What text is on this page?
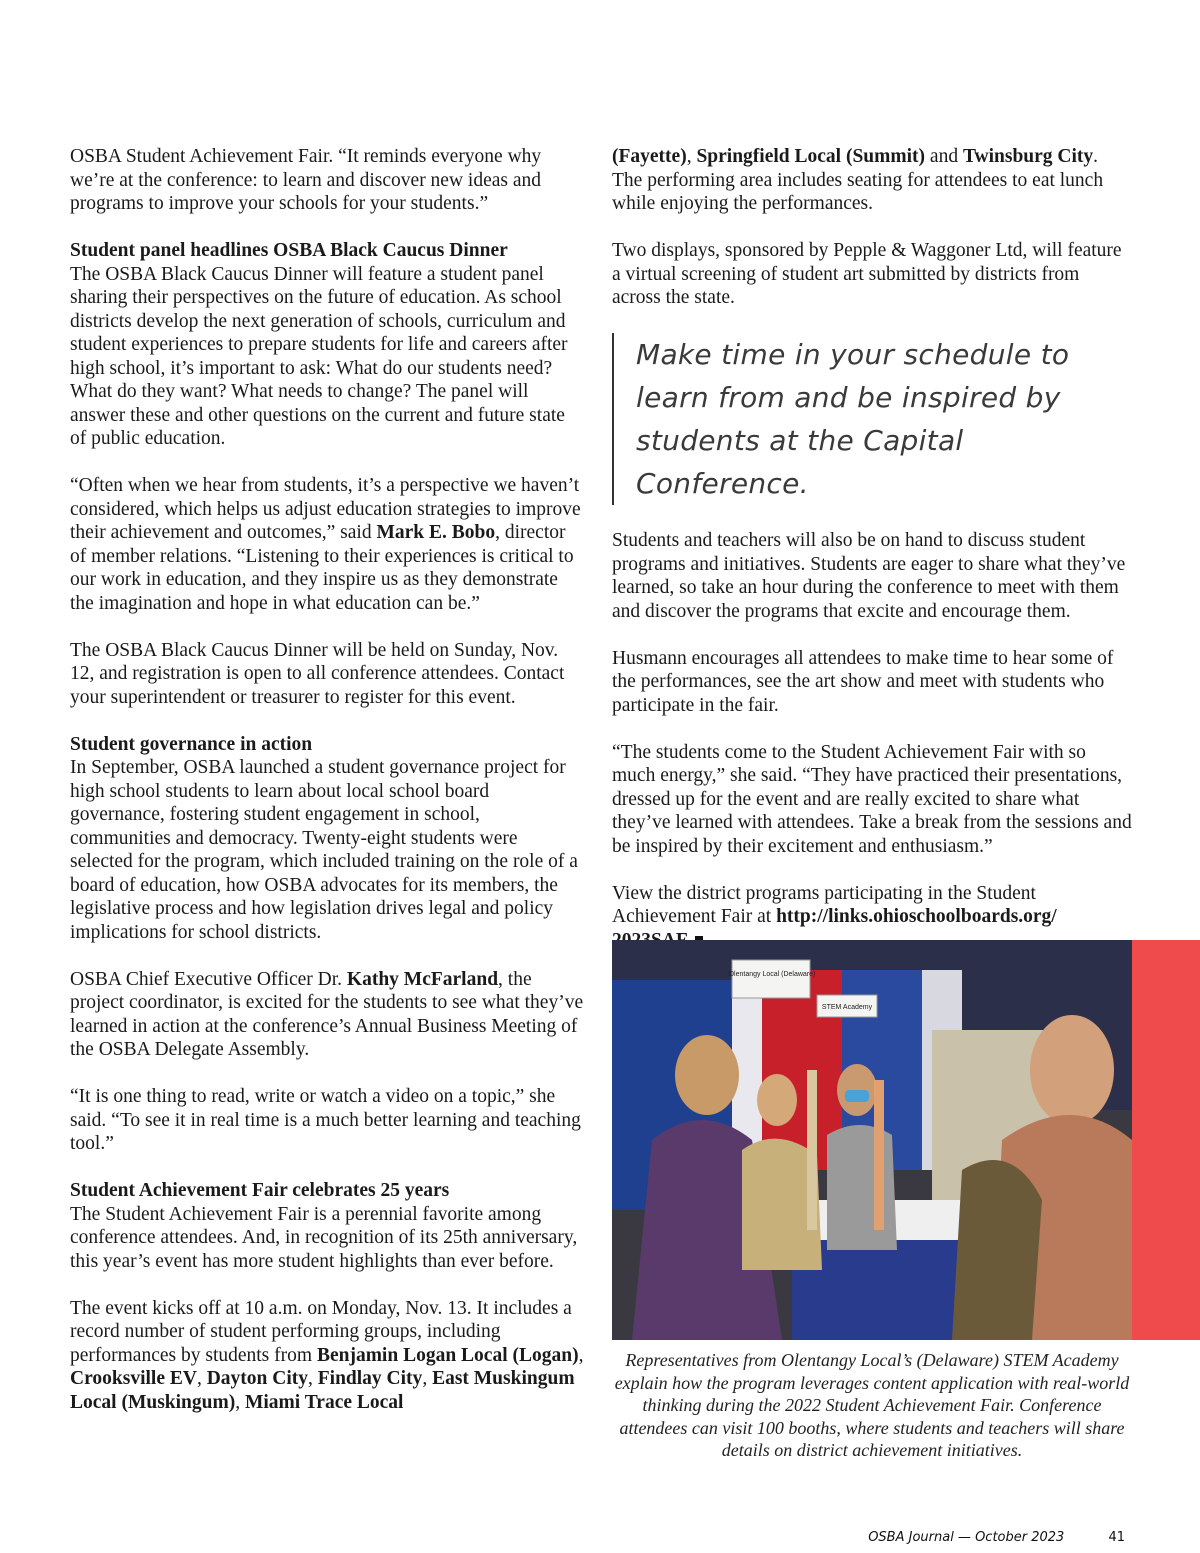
OSBA Student Achievement Fair. “It reminds everyone why we’re at the conference: to learn and discover new ideas and programs to improve your schools for your students.”

Student panel headlines OSBA Black Caucus Dinner
The OSBA Black Caucus Dinner will feature a student panel sharing their perspectives on the future of education. As school districts develop the next generation of schools, curriculum and student experiences to prepare students for life and careers after high school, it’s important to ask: What do our students need? What do they want? What needs to change? The panel will answer these and other questions on the current and future state of public education.

“Often when we hear from students, it’s a perspective we haven’t considered, which helps us adjust education strategies to improve their achievement and outcomes,” said Mark E. Bobo, director of member relations. “Listening to their experiences is critical to our work in education, and they inspire us as they demonstrate the imagination and hope in what education can be.”

The OSBA Black Caucus Dinner will be held on Sunday, Nov. 12, and registration is open to all conference attendees. Contact your superintendent or treasurer to register for this event.

Student governance in action
In September, OSBA launched a student governance project for high school students to learn about local school board governance, fostering student engagement in school, communities and democracy. Twenty-eight students were selected for the program, which included training on the role of a board of education, how OSBA advocates for its members, the legislative process and how legislation drives legal and policy implications for school districts.

OSBA Chief Executive Officer Dr. Kathy McFarland, the project coordinator, is excited for the students to see what they’ve learned in action at the conference’s Annual Business Meeting of the OSBA Delegate Assembly.

“It is one thing to read, write or watch a video on a topic,” she said. “To see it in real time is a much better learning and teaching tool.”

Student Achievement Fair celebrates 25 years
The Student Achievement Fair is a perennial favorite among conference attendees. And, in recognition of its 25th anniversary, this year’s event has more student highlights than ever before.

The event kicks off at 10 a.m. on Monday, Nov. 13. It includes a record number of student performing groups, including performances by students from Benjamin Logan Local (Logan), Crooksville EV, Dayton City, Findlay City, East Muskingum Local (Muskingum), Miami Trace Local

(Fayette), Springfield Local (Summit) and Twinsburg City. The performing area includes seating for attendees to eat lunch while enjoying the performances.

Two displays, sponsored by Pepple & Waggoner Ltd, will feature a virtual screening of student art submitted by districts from across the state.

Make time in your schedule to learn from and be inspired by students at the Capital Conference.

Students and teachers will also be on hand to discuss student programs and initiatives. Students are eager to share what they’ve learned, so take an hour during the conference to meet with them and discover the programs that excite and encourage them.

Husmann encourages all attendees to make time to hear some of the performances, see the art show and meet with students who participate in the fair.

“The students come to the Student Achievement Fair with so much energy,” she said. “They have practiced their presentations, dressed up for the event and are really excited to share what they’ve learned with attendees. Take a break from the sessions and be inspired by their excitement and enthusiasm.”

View the district programs participating in the Student Achievement Fair at http://links.ohioschoolboards.org/

Olentangy Local (Delaware)
STEM Academy
Representatives from Olentangy Local’s (Delaware) STEM Academy explain how the program leverages content application with real-world thinking during the 2022 Student Achievement Fair. Conference attendees can visit 100 booths, where students and teachers will share details on district achievement initiatives.
OSBA Journal — October 2023	41
